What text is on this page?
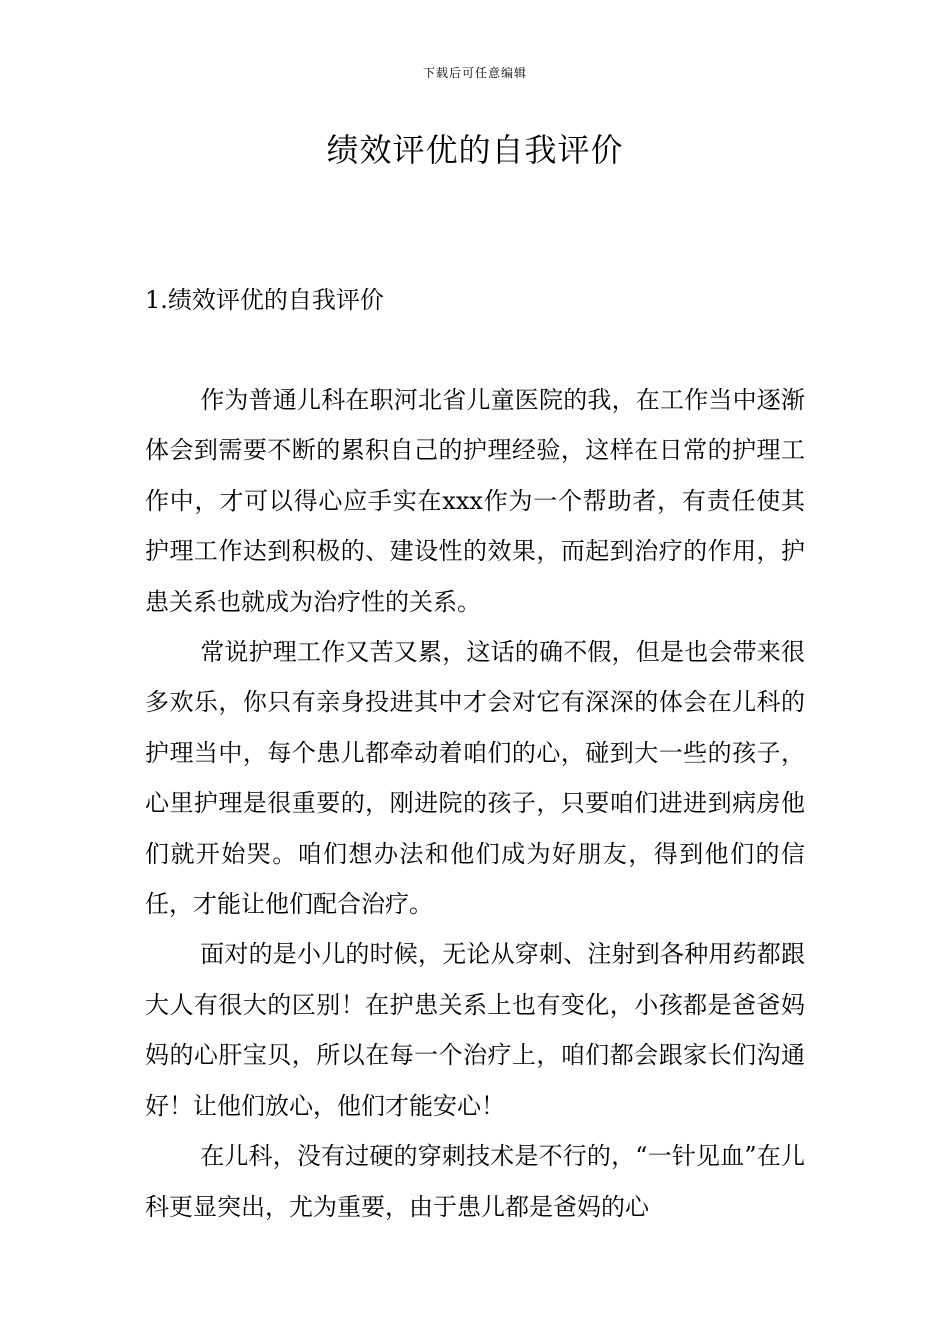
下载后可任意编辑
绩效评优的自我评价
1.绩效评优的自我评价

作为普通儿科在职河北省儿童医院的我，在工作当中逐渐体会到需要不断的累积自己的护理经验，这样在日常的护理工作中，才可以得心应手实在xxx作为一个帮助者，有责任使其护理工作达到积极的、建设性的效果，而起到治疗的作用，护患关系也就成为治疗性的关系。

常说护理工作又苦又累，这话的确不假，但是也会带来很多欢乐，你只有亲身投进其中才会对它有深深的体会在儿科的护理当中，每个患儿都牵动着咱们的心，碰到大一些的孩子，心里护理是很重要的，刚进院的孩子，只要咱们进进到病房他们就开始哭。咱们想办法和他们成为好朋友，得到他们的信任，才能让他们配合治疗。

面对的是小儿的时候，无论从穿刺、注射到各种用药都跟大人有很大的区别！在护患关系上也有变化，小孩都是爸爸妈妈的心肝宝贝，所以在每一个治疗上，咱们都会跟家长们沟通好！让他们放心，他们才能安心！

在儿科，没有过硬的穿刺技术是不行的，“一针见血”在儿科更显突出，尤为重要，由于患儿都是爸妈的心
